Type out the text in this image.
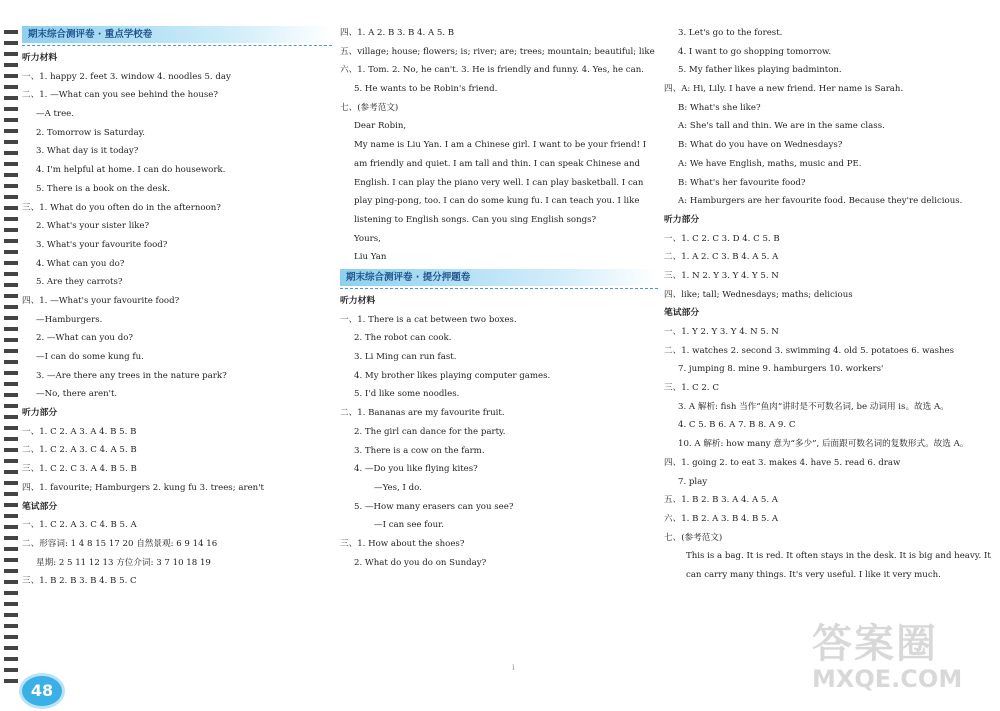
期末综合测评卷 · 重点学校卷
听力材料
一、1. happy 2. feet 3. window 4. noodles 5. day
二、1. —What can you see behind the house?
—A tree.
2. Tomorrow is Saturday.
3. What day is it today?
4. I'm helpful at home. I can do housework.
5. There is a book on the desk.
三、1. What do you often do in the afternoon?
2. What's your sister like?
3. What's your favourite food?
4. What can you do?
5. Are they carrots?
四、1. —What's your favourite food?
—Hamburgers.
2. —What can you do?
—I can do some kung fu.
3. —Are there any trees in the nature park?
—No, there aren't.
听力部分
一、1. C 2. A 3. A 4. B 5. B
二、1. C 2. A 3. C 4. A 5. B
三、1. C 2. C 3. A 4. B 5. B
四、1. favourite; Hamburgers 2. kung fu 3. trees; aren't
笔试部分
一、1. C 2. A 3. C 4. B 5. A
二、形容词: 1 4 8 15 17 20 自然景观: 6 9 14 16
星期: 2 5 11 12 13 方位介词: 3 7 10 18 19
三、1. B 2. B 3. B 4. B 5. C
四、1. A 2. B 3. B 4. A 5. B
五、village; house; flowers; is; river; are; trees; mountain; beautiful; like
六、1. Tom. 2. No, he can't. 3. He is friendly and funny. 4. Yes, he can.
5. He wants to be Robin's friend.
七、(参考范文)
Dear Robin,
My name is Liu Yan. I am a Chinese girl. I want to be your friend! I am friendly and quiet. I am tall and thin. I can speak Chinese and English. I can play the piano very well. I can play basketball. I can play ping-pong, too. I can do some kung fu. I can teach you. I like listening to English songs. Can you sing English songs?
Yours,
Liu Yan
期末综合测评卷 · 提分押题卷
听力材料
一、1. There is a cat between two boxes.
2. The robot can cook.
3. Li Ming can run fast.
4. My brother likes playing computer games.
5. I'd like some noodles.
二、1. Bananas are my favourite fruit.
2. The girl can dance for the party.
3. There is a cow on the farm.
4. —Do you like flying kites?
—Yes, I do.
5. —How many erasers can you see?
—I can see four.
三、1. How about the shoes?
2. What do you do on Sunday?
3. Let's go to the forest.
4. I want to go shopping tomorrow.
5. My father likes playing badminton.
四、A: Hi, Lily. I have a new friend. Her name is Sarah.
B: What's she like?
A: She's tall and thin. We are in the same class.
B: What do you have on Wednesdays?
A: We have English, maths, music and PE.
B: What's her favourite food?
A: Hamburgers are her favourite food. Because they're delicious.
听力部分
一、1. C 2. C 3. D 4. C 5. B
二、1. A 2. C 3. B 4. A 5. A
三、1. N 2. Y 3. Y 4. Y 5. N
四、like; tall; Wednesdays; maths; delicious
笔试部分
一、1. Y 2. Y 3. Y 4. N 5. N
二、1. watches 2. second 3. swimming 4. old 5. potatoes 6. washes
7. jumping 8. mine 9. hamburgers 10. workers'
三、1. C 2. C
3. A 解析: fish 当作“鱼肉”讲时是不可数名词, be 动词用 is。故选 A。
4. C 5. B 6. A 7. B 8. A 9. C
10. A 解析: how many 意为“多少”, 后面跟可数名词的复数形式。故选 A。
四、1. going 2. to eat 3. makes 4. have 5. read 6. draw
7. play
五、1. B 2. B 3. A 4. A 5. A
六、1. B 2. A 3. B 4. B 5. A
七、(参考范文)
This is a bag. It is red. It often stays in the desk. It is big and heavy. It can carry many things. It's very useful. I like it very much.
i
48
答案圈
MXQE.COM
